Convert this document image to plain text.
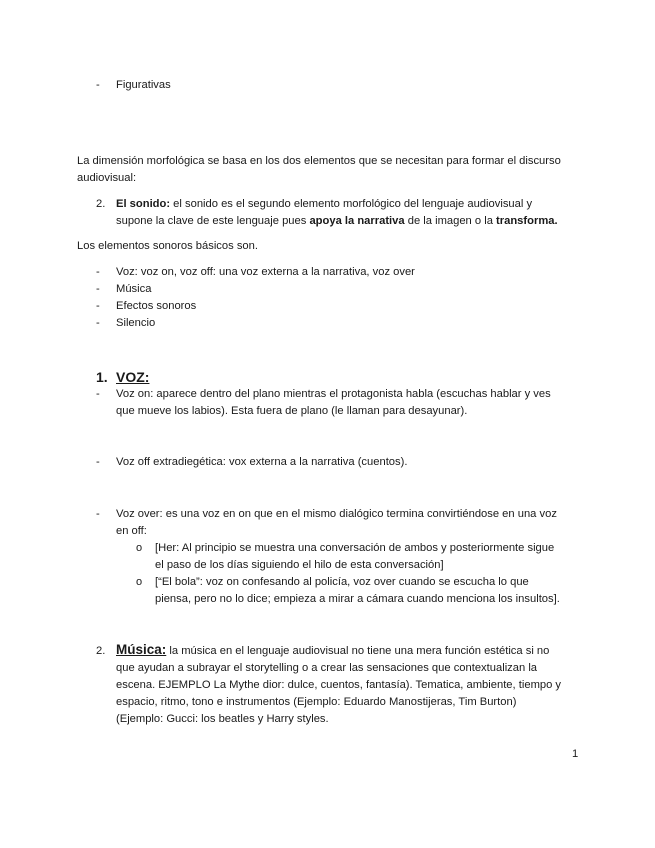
- Figurativas
La dimensión morfológica se basa en los dos elementos que se necesitan para formar el discurso
audiovisual:
2. El sonido: el sonido es el segundo elemento morfológico del lenguaje audiovisual y
supone la clave de este lenguaje pues apoya la narrativa de la imagen o la transforma.
Los elementos sonoros básicos son.
- Voz: voz on, voz off: una voz externa a la narrativa, voz over
- Música
- Efectos sonoros
- Silencio
1. VOZ:
- Voz on: aparece dentro del plano mientras el protagonista habla (escuchas hablar y ves
que mueve los labios). Esta fuera de plano (le llaman para desayunar).
- Voz off extradiegética: vox externa a la narrativa (cuentos).
- Voz over: es una voz en on que en el mismo dialógico termina convirtiéndose en una voz
en off:
o [Her: Al principio se muestra una conversación de ambos y posteriormente sigue
el paso de los días siguiendo el hilo de esta conversación]
o [“El bola”: voz on confesando al policía, voz over cuando se escucha lo que
piensa, pero no lo dice; empieza a mirar a cámara cuando menciona los insultos].
2. Música: la música en el lenguaje audiovisual no tiene una mera función estética si no
que ayudan a subrayar el storytelling o a crear las sensaciones que contextualizan la
escena. EJEMPLO La Mythe dior: dulce, cuentos, fantasía). Tematica, ambiente, tiempo y
espacio, ritmo, tono e instrumentos (Ejemplo: Eduardo Manostijeras, Tim Burton)
(Ejemplo: Gucci: los beatles y Harry styles.
1
